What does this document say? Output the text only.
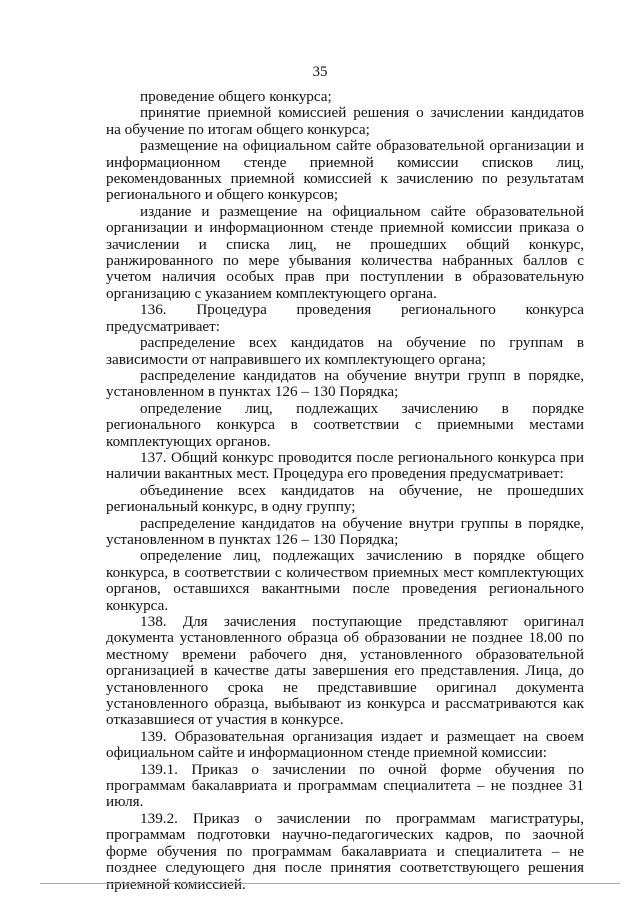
35

проведение общего конкурса;

принятие приемной комиссией решения о зачислении кандидатов на обучение по итогам общего конкурса;

размещение на официальном сайте образовательной организации и информационном стенде приемной комиссии списков лиц, рекомендованных приемной комиссией к зачислению по результатам регионального и общего конкурсов;

издание и размещение на официальном сайте образовательной организации и информационном стенде приемной комиссии приказа о зачислении и списка лиц, не прошедших общий конкурс, ранжированного по мере убывания количества набранных баллов с учетом наличия особых прав при поступлении в образовательную организацию с указанием комплектующего органа.

136. Процедура проведения регионального конкурса предусматривает:

распределение всех кандидатов на обучение по группам в зависимости от направившего их комплектующего органа;

распределение кандидатов на обучение внутри групп в порядке, установленном в пунктах 126 – 130 Порядка;

определение лиц, подлежащих зачислению в порядке регионального конкурса в соответствии с приемными местами комплектующих органов.

137. Общий конкурс проводится после регионального конкурса при наличии вакантных мест. Процедура его проведения предусматривает:

объединение всех кандидатов на обучение, не прошедших региональный конкурс, в одну группу;

распределение кандидатов на обучение внутри группы в порядке, установленном в пунктах 126 – 130 Порядка;

определение лиц, подлежащих зачислению в порядке общего конкурса, в соответствии с количеством приемных мест комплектующих органов, оставшихся вакантными после проведения регионального конкурса.

138. Для зачисления поступающие представляют оригинал документа установленного образца об образовании не позднее 18.00 по местному времени рабочего дня, установленного образовательной организацией в качестве даты завершения его представления. Лица, до установленного срока не представившие оригинал документа установленного образца, выбывают из конкурса и рассматриваются как отказавшиеся от участия в конкурсе.

139. Образовательная организация издает и размещает на своем официальном сайте и информационном стенде приемной комиссии:

139.1. Приказ о зачислении по очной форме обучения по программам бакалавриата и программам специалитета – не позднее 31 июля.

139.2. Приказ о зачислении по программам магистратуры, программам подготовки научно-педагогических кадров, по заочной форме обучения по программам бакалавриата и специалитета – не позднее следующего дня после принятия соответствующего решения приемной комиссией.
